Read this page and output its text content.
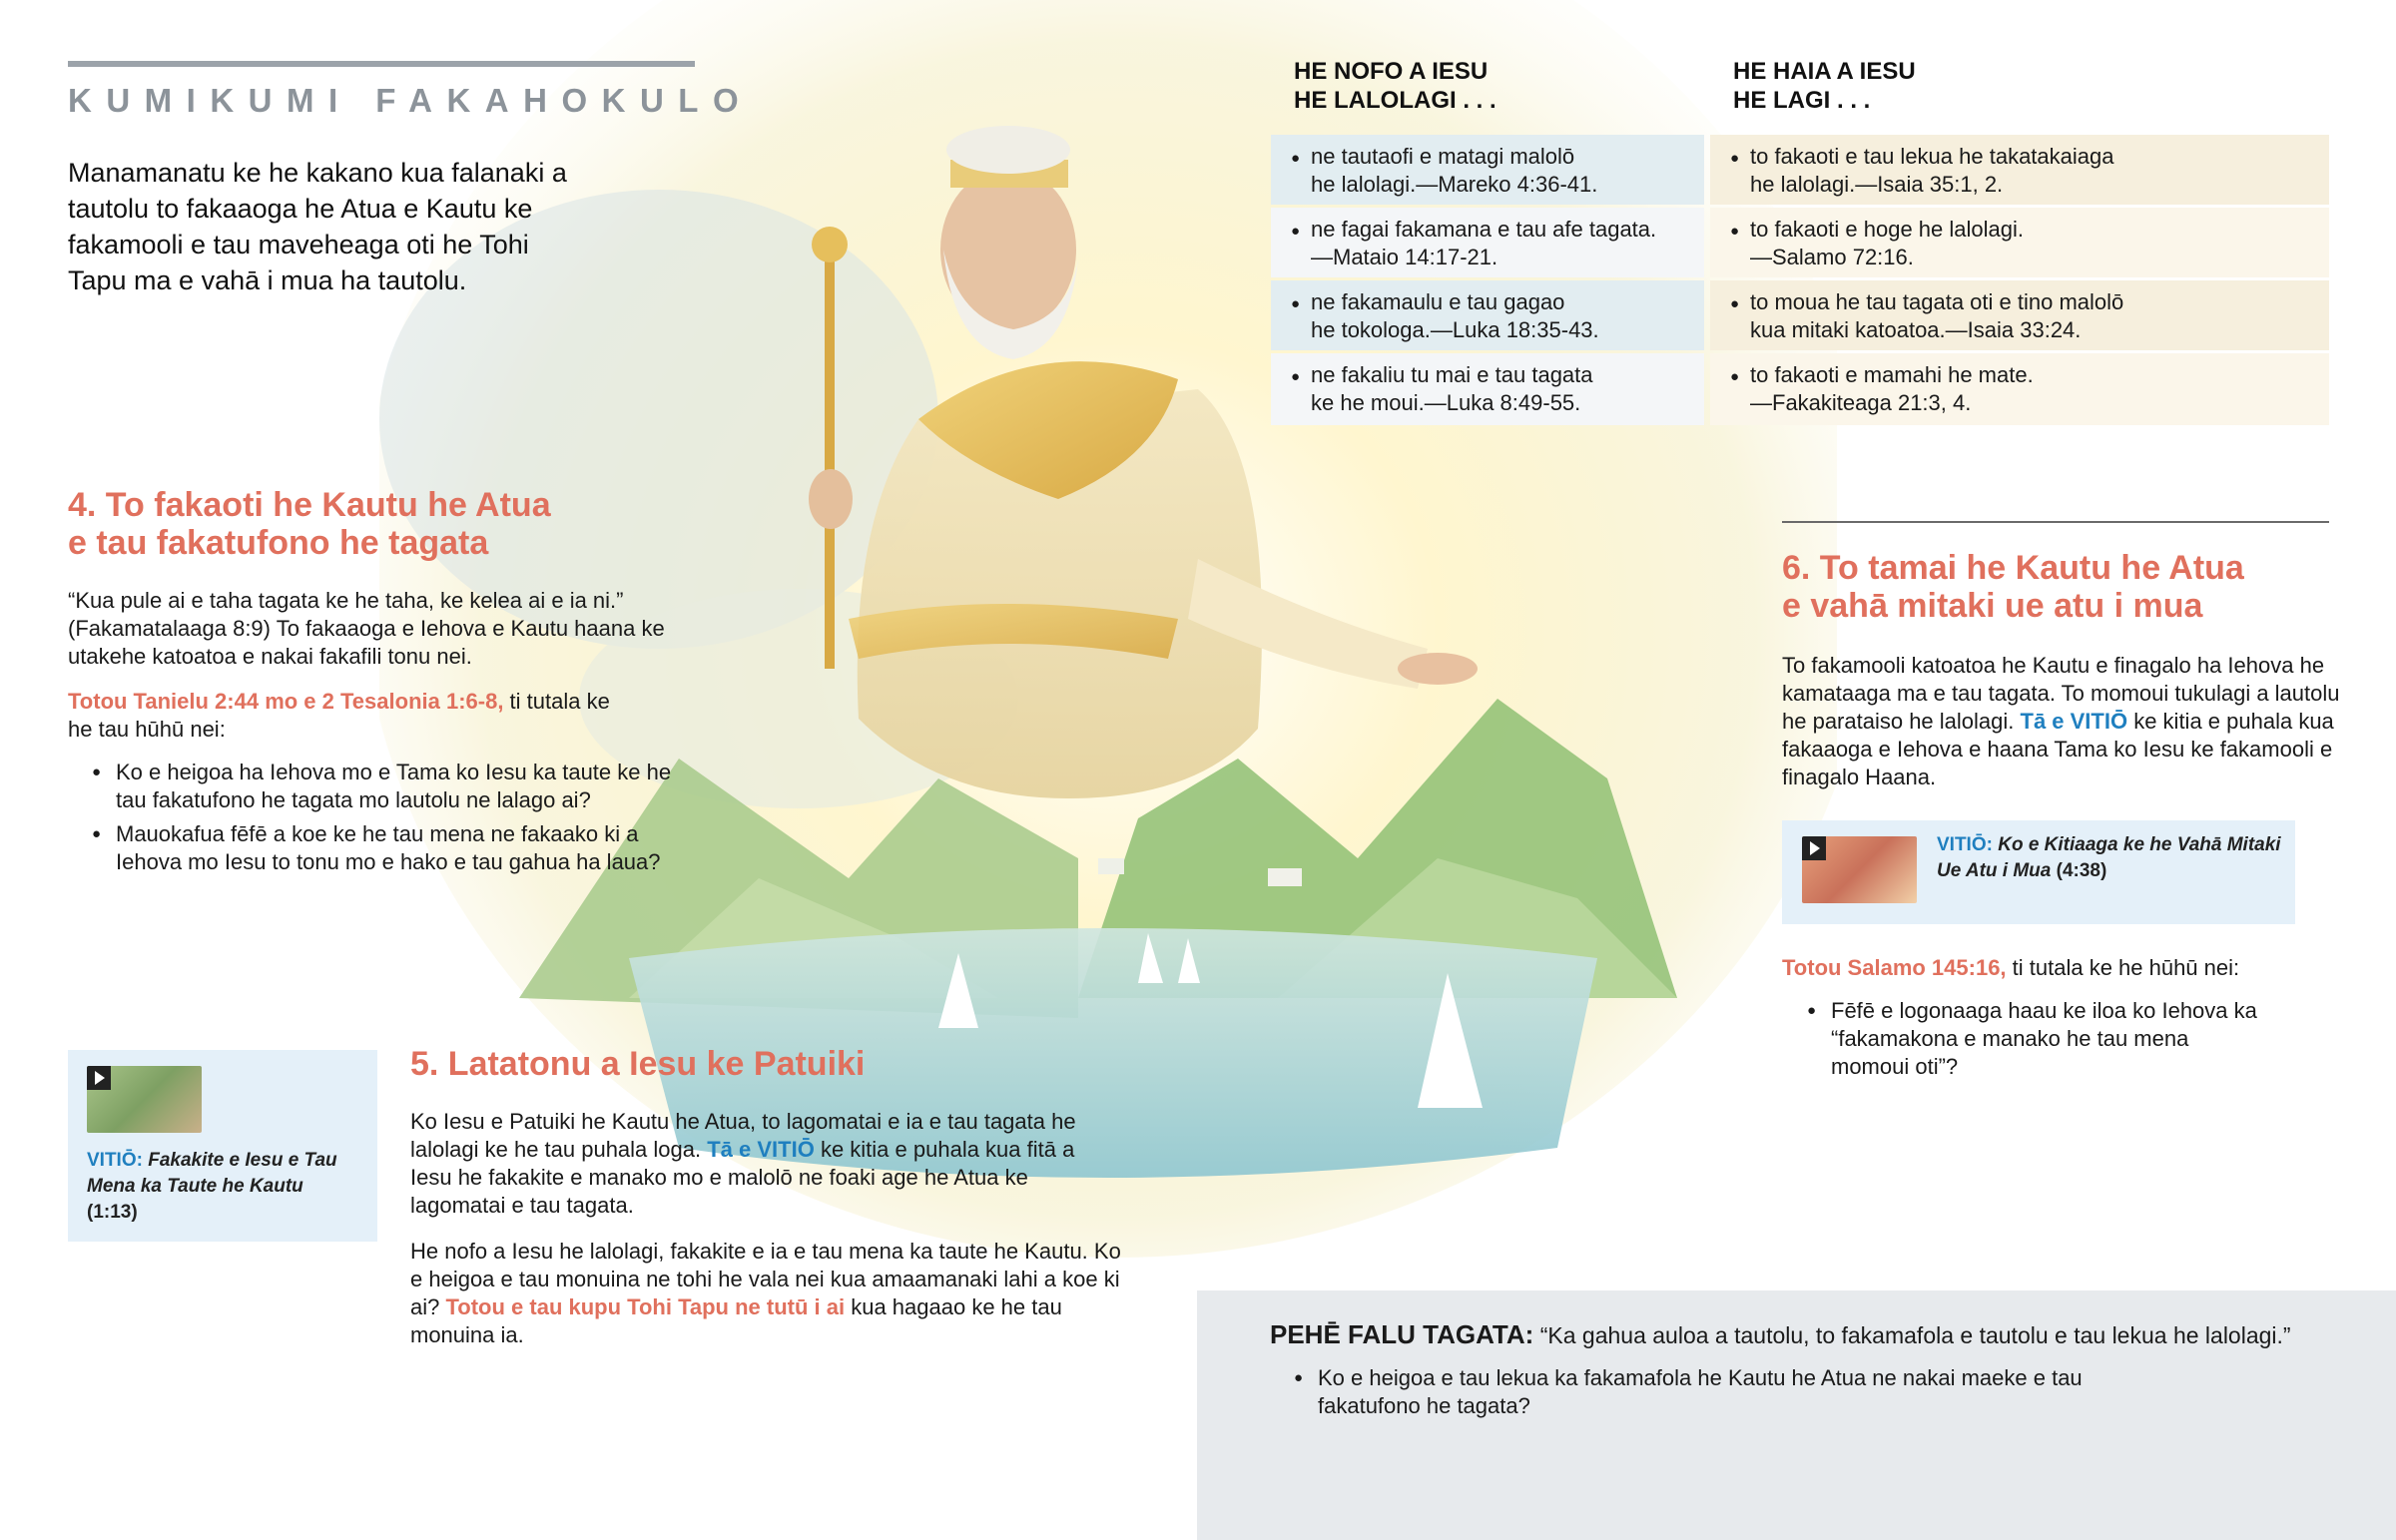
KUMIKUMI FAKAHOKULO
Manamanatu ke he kakano kua falanaki a tautolu to fakaaoga he Atua e Kautu ke fakamooli e tau maveheaga oti he Tohi Tapu ma e vahā i mua ha tautolu.
4. To fakaoti he Kautu he Atua
e tau fakatufono he tagata
“Kua pule ai e taha tagata ke he taha, ke kelea ai e ia ni.” (Fakamatalaaga 8:9) To fakaaoga e Iehova e Kautu haana ke utakehe katoatoa e nakai fakafili tonu nei.
Totou Tanielu 2:44 mo e 2 Tesalonia 1:6-8, ti tutala ke he tau hūhū nei:
● Ko e heigoa ha Iehova mo e Tama ko Iesu ka taute ke he tau fakatufono he tagata mo lautolu ne lalago ai?
● Mauokafua fēfē a koe ke he tau mena ne fakaako ki a Iehova mo Iesu to tonu mo e hako e tau gahua ha laua?
VITIŌ: Fakakite e Iesu e Tau Mena ka Taute he Kautu (1:13)
5. Latatonu a Iesu ke Patuiki
Ko Iesu e Patuiki he Kautu he Atua, to lagomatai e ia e tau tagata he lalolagi ke he tau puhala loga. Tā e VITIŌ ke kitia e puhala kua fitā a Iesu he fakakite e manako mo e malolō ne foaki age he Atua ke lagomatai e tau tagata.
He nofo a Iesu he lalolagi, fakakite e ia e tau mena ka taute he Kautu. Ko e heigoa e tau monuina ne tohi he vala nei kua amaamanaki lahi a koe ki ai? Totou e tau kupu Tohi Tapu ne tutū i ai kua hagaao ke he tau monuina ia.
HE NOFO A IESU
HE LALOLAGI . . .
HE HAIA A IESU
HE LAGI . . .
● ne tautaofi e matagi malolō
he lalolagi.—Mareko 4:36-41.
● ne fagai fakamana e tau afe tagata.
—Mataio 14:17-21.
● ne fakamaulu e tau gagao
he tokologa.—Luka 18:35-43.
● ne fakaliu tu mai e tau tagata
ke he moui.—Luka 8:49-55.
● to fakaoti e tau lekua he takatakaiaga
he lalolagi.—Isaia 35:1, 2.
● to fakaoti e hoge he lalolagi.
—Salamo 72:16.
● to moua he tau tagata oti e tino malolō
kua mitaki katoatoa.—Isaia 33:24.
● to fakaoti e mamahi he mate.
—Fakakiteaga 21:3, 4.
6. To tamai he Kautu he Atua
e vahā mitaki ue atu i mua
To fakamooli katoatoa he Kautu e finagalo ha Iehova he kamataaga ma e tau tagata. To momoui tukulagi a lautolu he parataiso he lalolagi. Tā e VITIŌ ke kitia e puhala kua fakaaoga e Iehova e haana Tama ko Iesu ke fakamooli e finagalo Haana.
VITIŌ: Ko e Kitiaaga ke he Vahā Mitaki Ue Atu i Mua (4:38)
Totou Salamo 145:16, ti tutala ke he hūhū nei:
● Fēfē e logonaaga haau ke iloa ko Iehova ka “fakamakona e manako he tau mena momoui oti”?
PEHĒ FALU TAGATA: “Ka gahua auloa a tautolu, to fakamafola e tautolu e tau lekua he lalolagi.”
● Ko e heigoa e tau lekua ka fakamafola he Kautu he Atua ne nakai maeke e tau fakatufono he tagata?
